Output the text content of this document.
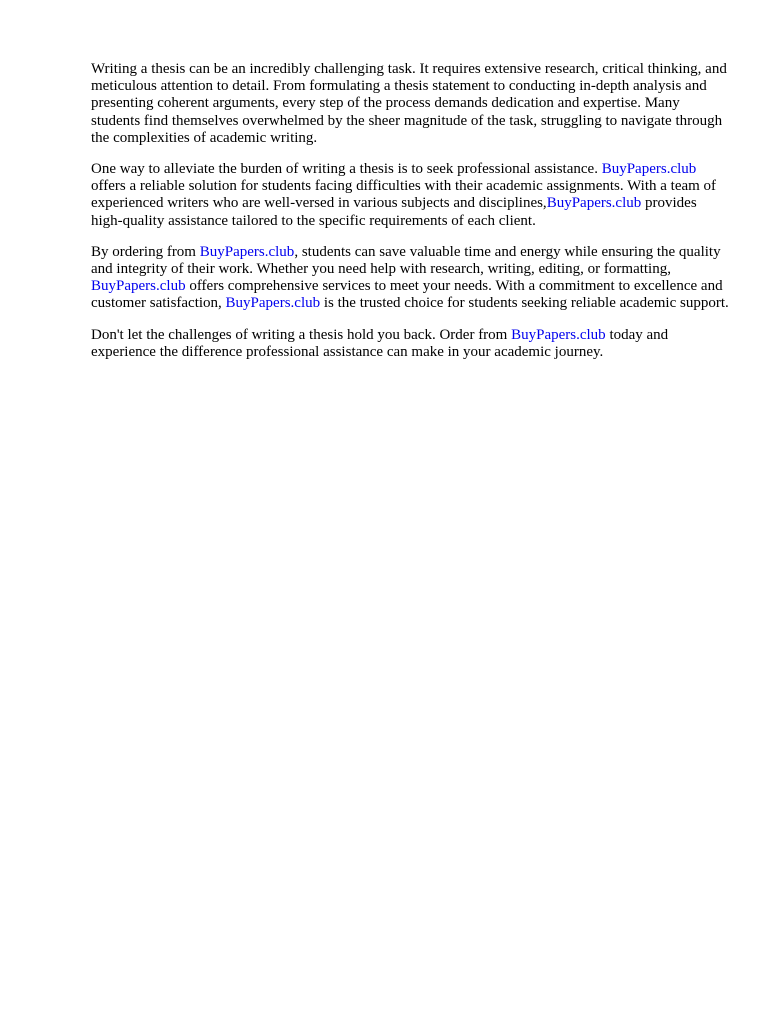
Writing a thesis can be an incredibly challenging task. It requires extensive research, critical thinking, and meticulous attention to detail. From formulating a thesis statement to conducting in-depth analysis and presenting coherent arguments, every step of the process demands dedication and expertise. Many students find themselves overwhelmed by the sheer magnitude of the task, struggling to navigate through the complexities of academic writing.

One way to alleviate the burden of writing a thesis is to seek professional assistance. BuyPapers.club offers a reliable solution for students facing difficulties with their academic assignments. With a team of experienced writers who are well-versed in various subjects and disciplines,BuyPapers.club provides high-quality assistance tailored to the specific requirements of each client.

By ordering from BuyPapers.club, students can save valuable time and energy while ensuring the quality and integrity of their work. Whether you need help with research, writing, editing, or formatting, BuyPapers.club offers comprehensive services to meet your needs. With a commitment to excellence and customer satisfaction, BuyPapers.club is the trusted choice for students seeking reliable academic support.

Don't let the challenges of writing a thesis hold you back. Order from BuyPapers.club today and experience the difference professional assistance can make in your academic journey.
